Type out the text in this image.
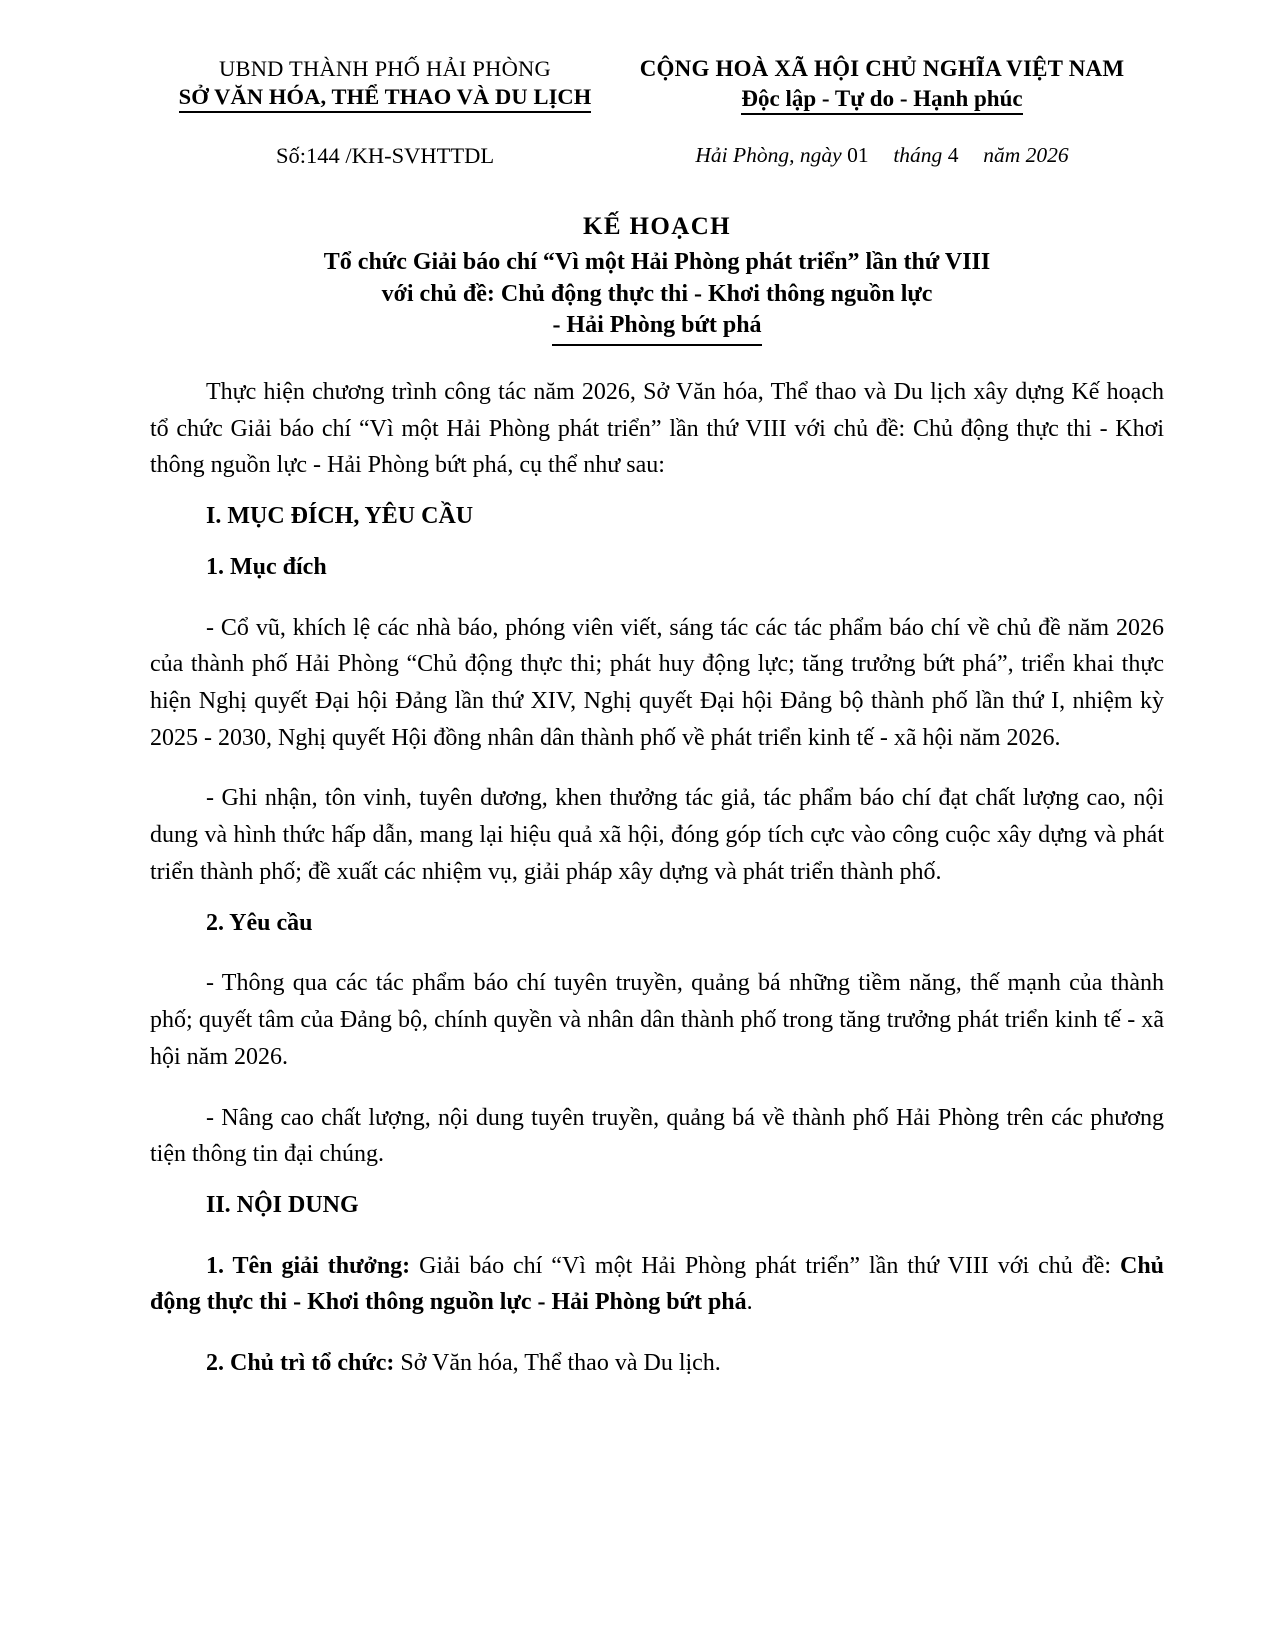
UBND THÀNH PHỐ HẢI PHÒNG
SỞ VĂN HÓA, THỂ THAO VÀ DU LỊCH
CỘNG HOÀ XÃ HỘI CHỦ NGHĨA VIỆT NAM
Độc lập - Tự do - Hạnh phúc
Số:144 /KH-SVHTTDL	Hải Phòng, ngày 01 tháng 4 năm 2026
KẾ HOẠCH
Tổ chức Giải báo chí “Vì một Hải Phòng phát triển” lần thứ VIII
với chủ đề: Chủ động thực thi - Khơi thông nguồn lực
- Hải Phòng bứt phá

Thực hiện chương trình công tác năm 2026, Sở Văn hóa, Thể thao và Du lịch xây dựng Kế hoạch tổ chức Giải báo chí “Vì một Hải Phòng phát triển” lần thứ VIII với chủ đề: Chủ động thực thi - Khơi thông nguồn lực - Hải Phòng bứt phá, cụ thể như sau:

I. MỤC ĐÍCH, YÊU CẦU

1. Mục đích

- Cổ vũ, khích lệ các nhà báo, phóng viên viết, sáng tác các tác phẩm báo chí về chủ đề năm 2026 của thành phố Hải Phòng “Chủ động thực thi; phát huy động lực; tăng trưởng bứt phá”, triển khai thực hiện Nghị quyết Đại hội Đảng lần thứ XIV, Nghị quyết Đại hội Đảng bộ thành phố lần thứ I, nhiệm kỳ 2025 - 2030, Nghị quyết Hội đồng nhân dân thành phố về phát triển kinh tế - xã hội năm 2026.

- Ghi nhận, tôn vinh, tuyên dương, khen thưởng tác giả, tác phẩm báo chí đạt chất lượng cao, nội dung và hình thức hấp dẫn, mang lại hiệu quả xã hội, đóng góp tích cực vào công cuộc xây dựng và phát triển thành phố; đề xuất các nhiệm vụ, giải pháp xây dựng và phát triển thành phố.

2. Yêu cầu

- Thông qua các tác phẩm báo chí tuyên truyền, quảng bá những tiềm năng, thế mạnh của thành phố; quyết tâm của Đảng bộ, chính quyền và nhân dân thành phố trong tăng trưởng phát triển kinh tế - xã hội năm 2026.

- Nâng cao chất lượng, nội dung tuyên truyền, quảng bá về thành phố Hải Phòng trên các phương tiện thông tin đại chúng.

II. NỘI DUNG

1. Tên giải thưởng: Giải báo chí “Vì một Hải Phòng phát triển” lần thứ VIII với chủ đề: Chủ động thực thi - Khơi thông nguồn lực - Hải Phòng bứt phá.

2. Chủ trì tổ chức: Sở Văn hóa, Thể thao và Du lịch.
